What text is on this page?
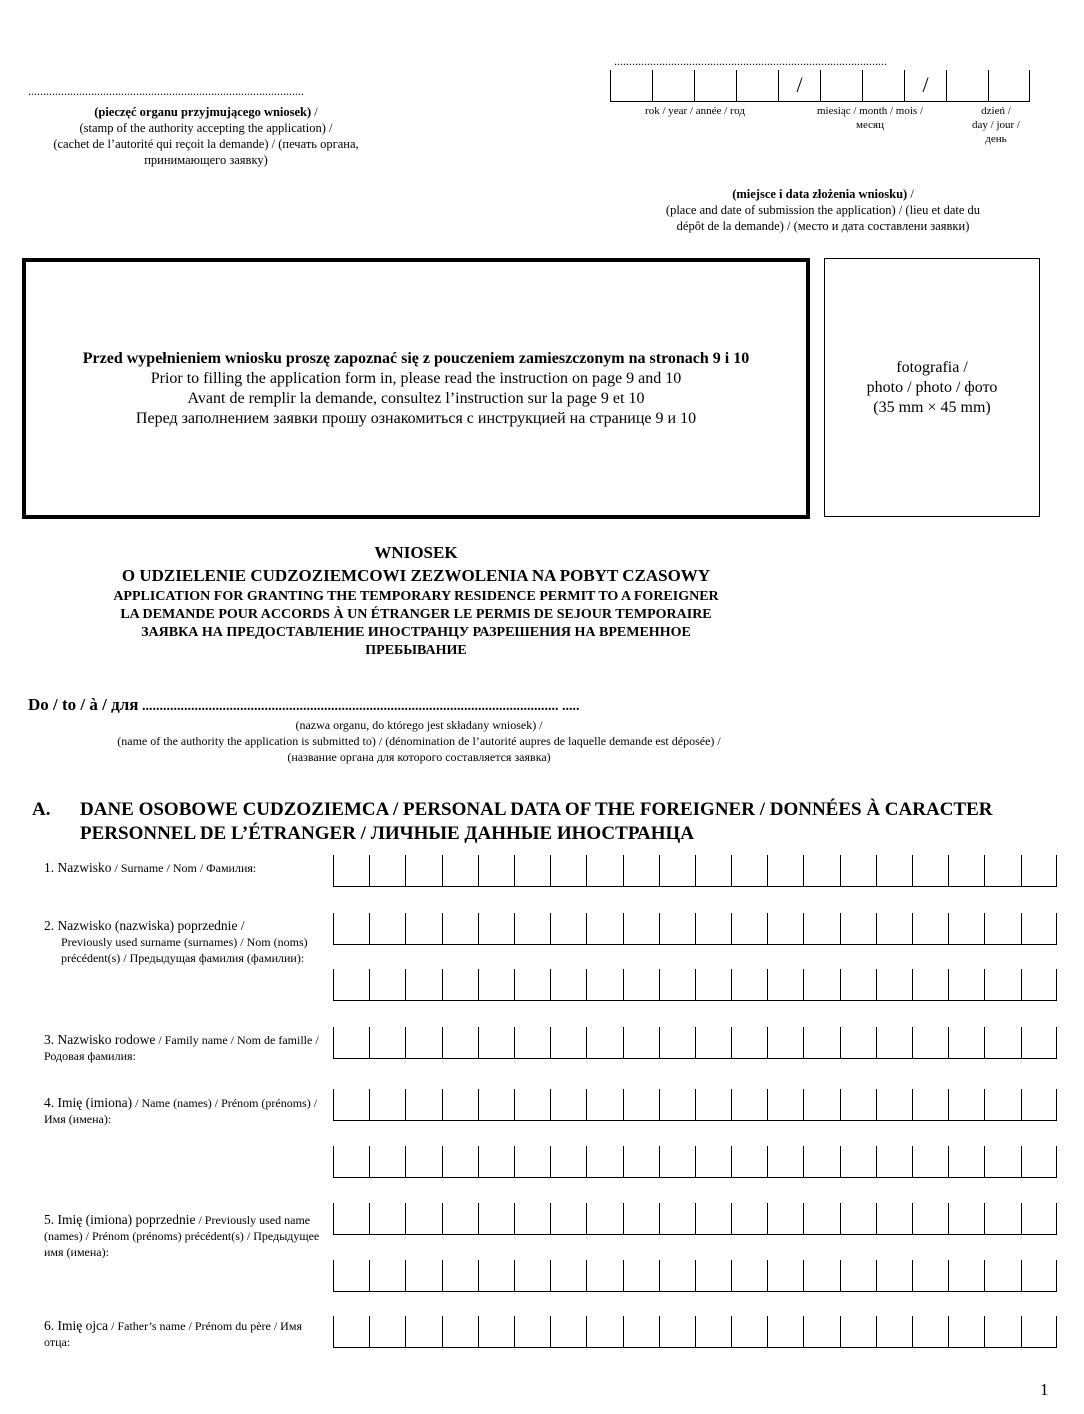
............................................................................................
(pieczęć organu przyjmującego wniosek) /
(stamp of the authority accepting the application) /
(cachet de l’autorité qui reçoit la demande) / (печать органа,
принимающего заявку)
...........................................................................................
/	/
rok / year / année / год	miesiąc / month / mois /
месяц
dzień /
day / jour /
день
(miejsce i data złożenia wniosku) /
(place and date of submission the application) / (lieu et date du
dépôt de la demande) / (место и дата составлени заявки)
Przed wypełnieniem wniosku proszę zapoznać się z pouczeniem zamieszczonym na stronach 9 i 10
Prior to filling the application form in, please read the instruction on page 9 and 10
Avant de remplir la demande, consultez l’instruction sur la page 9 et 10
Перед заполнением заявки прошу ознакомиться с инструкцией на странице 9 и 10
fotografia /
photo / photo / фото
(35 mm × 45 mm)
WNIOSEK
O UDZIELENIE CUDZOZIEMCOWI ZEZWOLENIA NA POBYT CZASOWY
APPLICATION FOR GRANTING THE TEMPORARY RESIDENCE PERMIT TO A FOREIGNER
LA DEMANDE POUR ACCORDS À UN ÉTRANGER LE PERMIS DE SEJOUR TEMPORAIRE
ЗАЯВКА НА ПРЕДОСТАВЛЕНИЕ ИНОСТРАНЦУ РАЗРЕШЕНИЯ НА ВРЕМЕННОЕ
ПРЕБЫВАНИЕ
Do / to / à / для ....................................................................................................................... .....
(nazwa organu, do którego jest składany wniosek) /
(name of the authority the application is submitted to) / (dénomination de l’autorité aupres de laquelle demande est déposée) /
(название органа для которого составляется заявка)
A. DANE OSOBOWE CUDZOZIEMCA / PERSONAL DATA OF THE FOREIGNER / DONNÉES À CARACTER
PERSONNEL DE L’ÉTRANGER / ЛИЧНЫЕ ДАННЫЕ ИНОСТРАНЦА
1. Nazwisko / Surname / Nom / Фамилия:
2. Nazwisko (nazwiska) poprzednie /
Previously used surname (surnames) / Nom (noms) précédent(s) / Предыдущая фамилия (фамилии):
3. Nazwisko rodowe / Family name / Nom de famille / Родовая фамилия:
4. Imię (imiona) / Name (names) / Prénom (prénoms) / Имя (имена):
5. Imię (imiona) poprzednie / Previously used name (names) / Prénom (prénoms) précédent(s) / Предыдущее имя (имена):
6. Imię ojca / Father’s name / Prénom du père / Имя отца:
1
